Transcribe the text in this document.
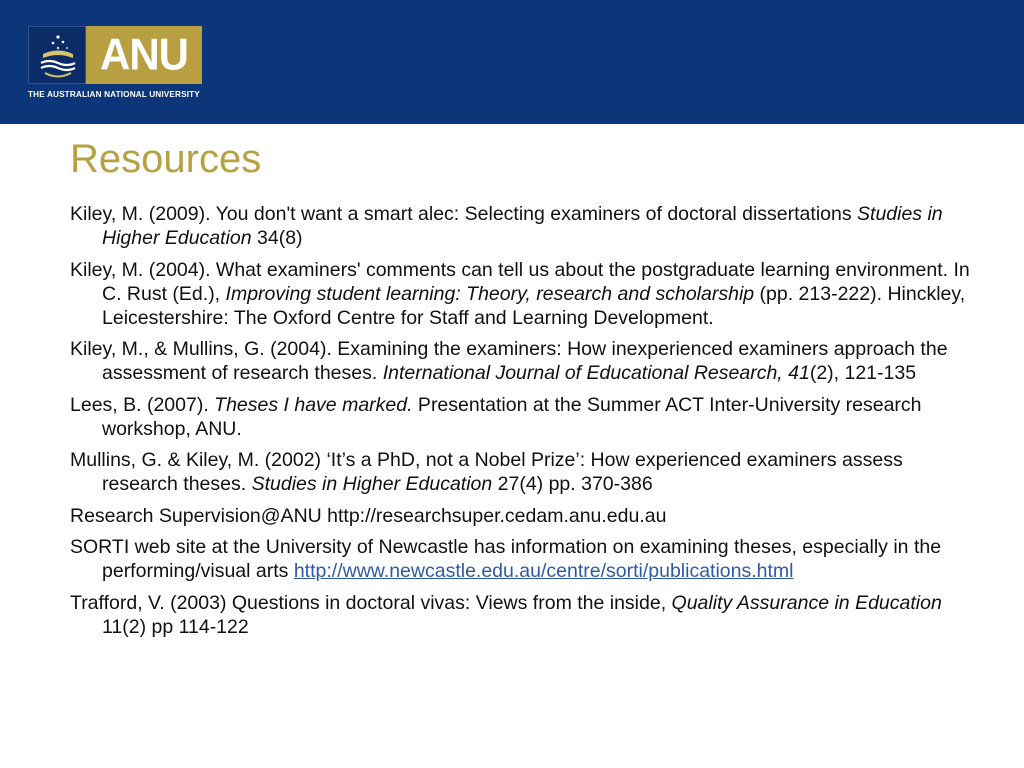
ANU
THE AUSTRALIAN NATIONAL UNIVERSITY
Resources
Kiley, M. (2009). You don't want a smart alec: Selecting examiners of doctoral dissertations Studies in Higher Education 34(8)
Kiley, M. (2004). What examiners' comments can tell us about the postgraduate learning environment. In C. Rust (Ed.), Improving student learning: Theory, research and scholarship (pp. 213-222). Hinckley, Leicestershire: The Oxford Centre for Staff and Learning Development.
Kiley, M., & Mullins, G. (2004). Examining the examiners: How inexperienced examiners approach the assessment of research theses. International Journal of Educational Research, 41(2), 121-135
Lees, B. (2007). Theses I have marked. Presentation at the Summer ACT Inter-University research workshop, ANU.
Mullins, G. & Kiley, M. (2002) ‘It’s a PhD, not a Nobel Prize’: How experienced examiners assess research theses. Studies in Higher Education 27(4) pp. 370-386
Research Supervision@ANU http://researchsuper.cedam.anu.edu.au
SORTI web site at the University of Newcastle has information on examining theses, especially in the performing/visual arts http://www.newcastle.edu.au/centre/sorti/publications.html
Trafford, V. (2003) Questions in doctoral vivas: Views from the inside, Quality Assurance in Education 11(2) pp 114-122
